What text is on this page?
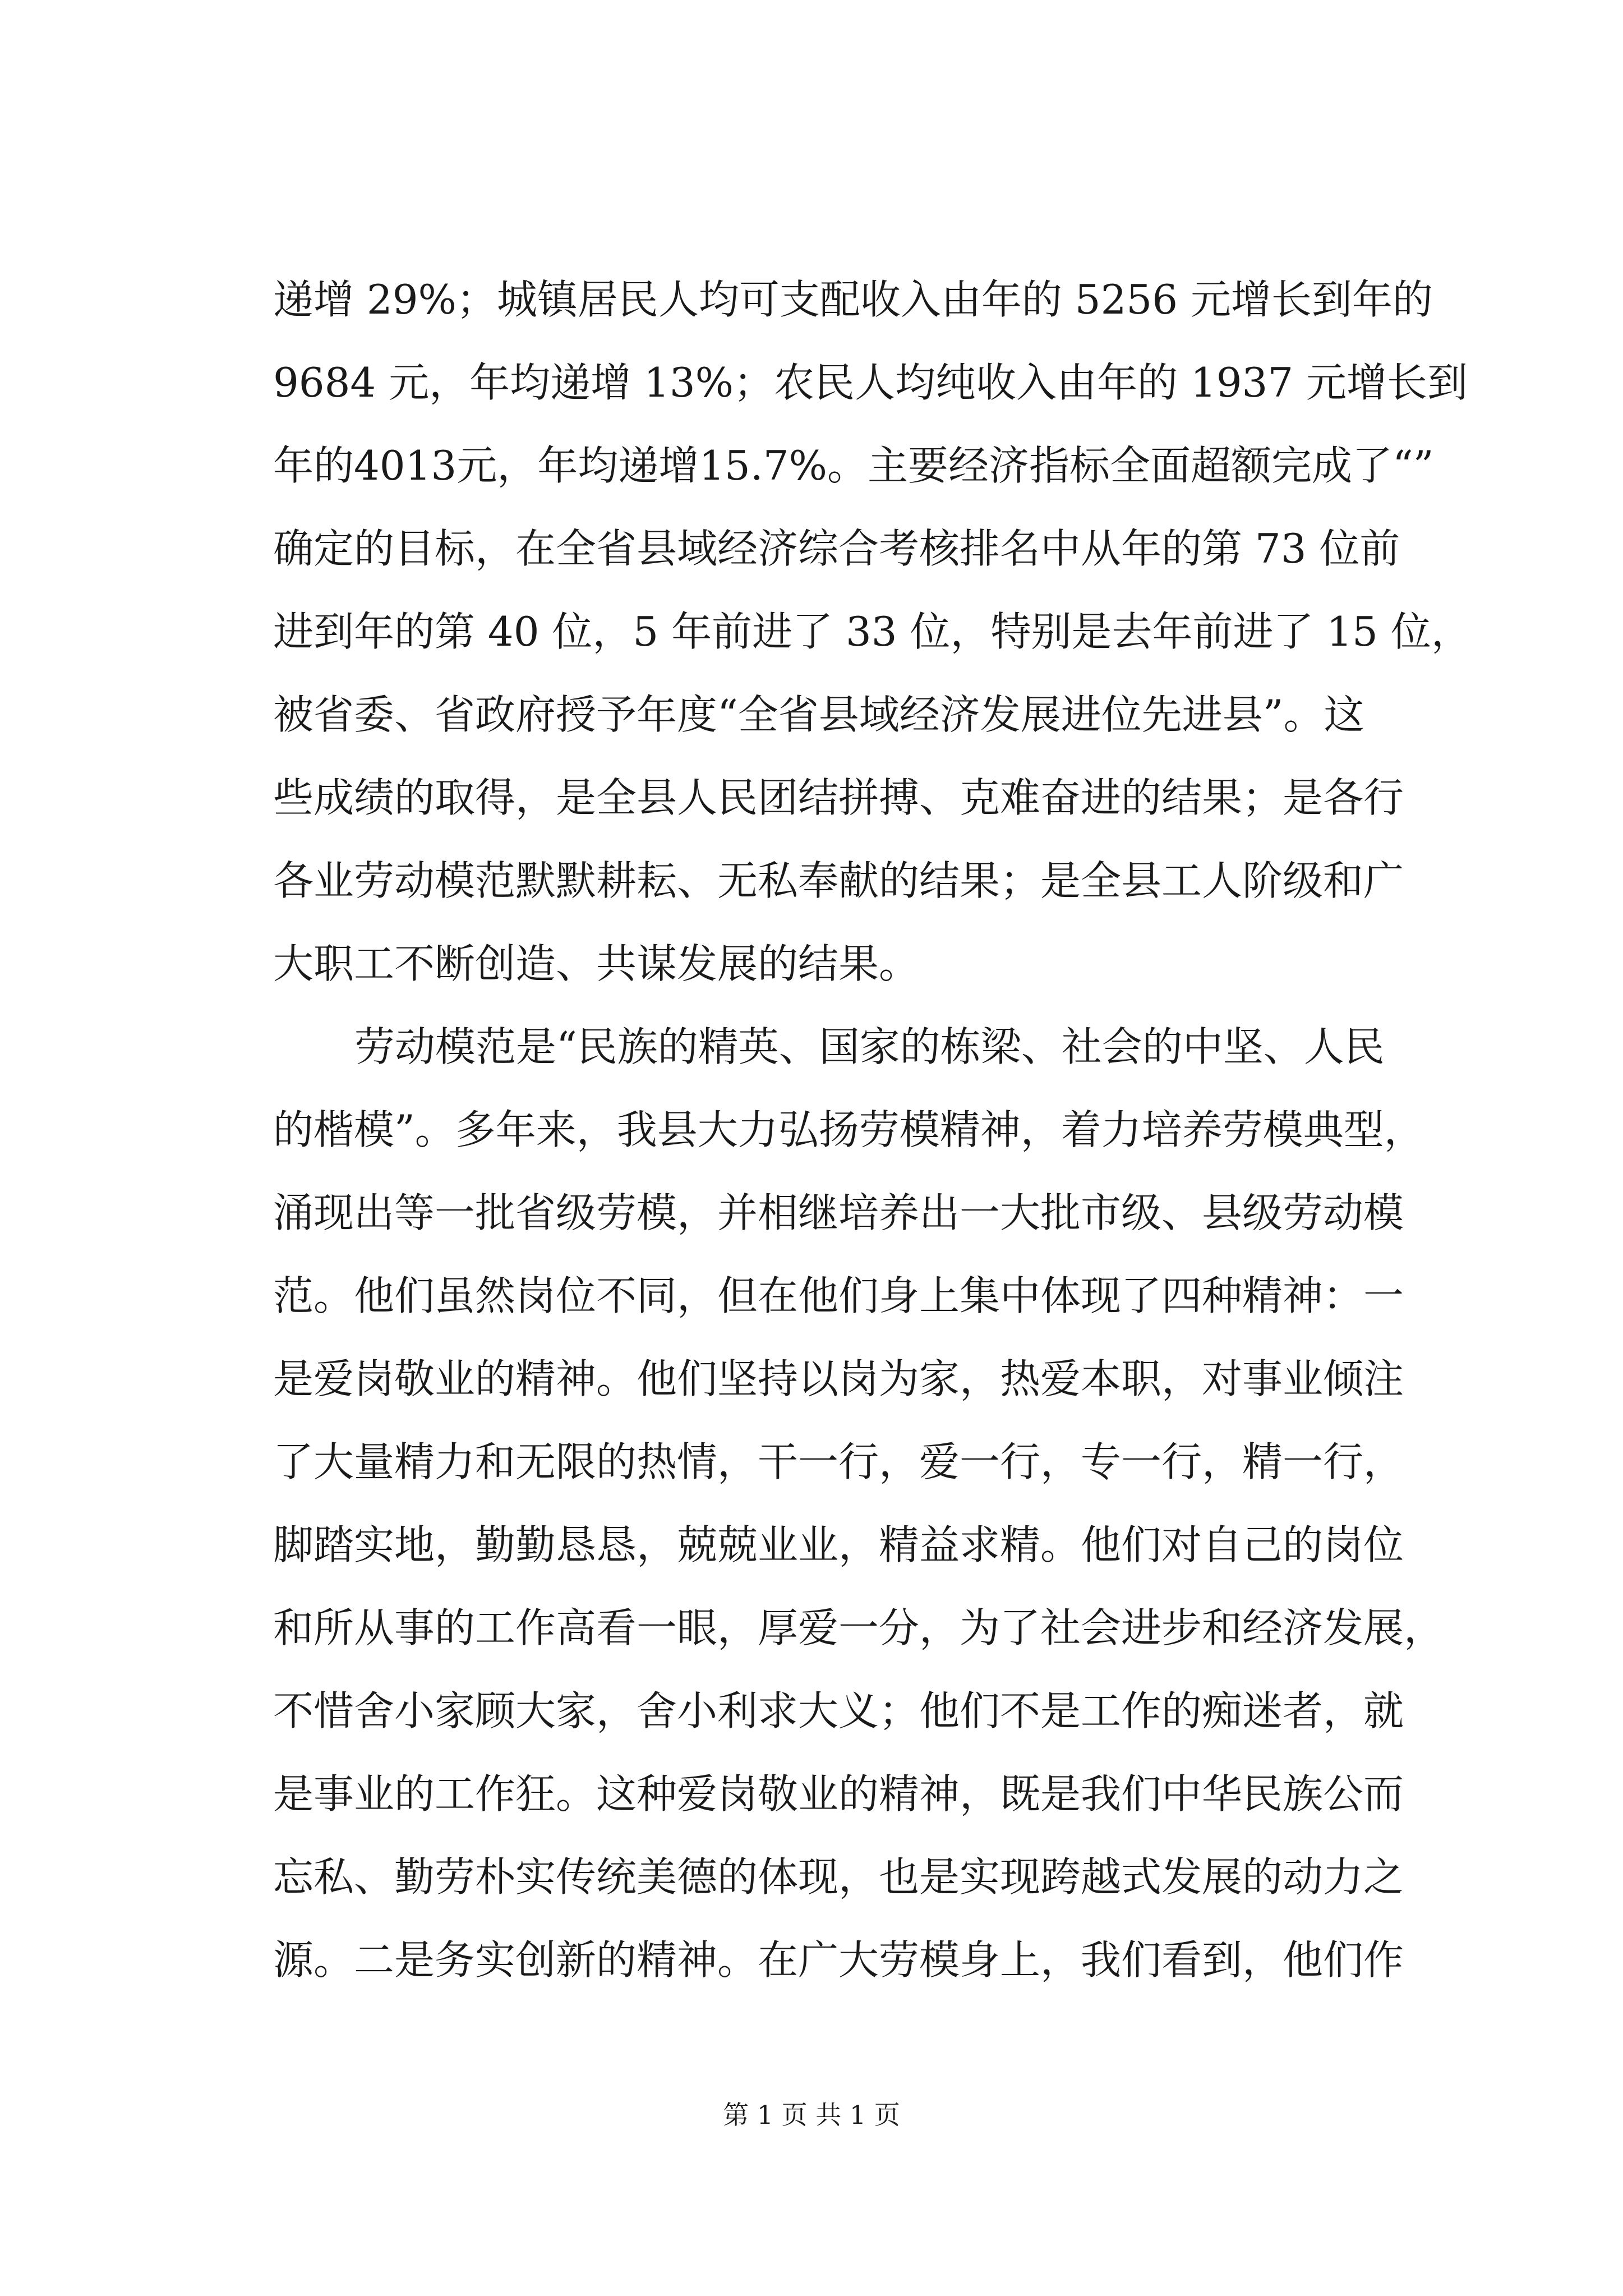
递增 29%；城镇居民人均可支配收入由年的 5256 元增长到年的
9684 元，年均递增 13%；农民人均纯收入由年的 1937 元增长到
年的4013元，年均递增15.7%。主要经济指标全面超额完成了“”
确定的目标，在全省县域经济综合考核排名中从年的第 73 位前
进到年的第 40 位，5 年前进了 33 位，特别是去年前进了 15 位，
被省委、省政府授予年度“全省县域经济发展进位先进县”。这
些成绩的取得，是全县人民团结拼搏、克难奋进的结果；是各行
各业劳动模范默默耕耘、无私奉献的结果；是全县工人阶级和广
大职工不断创造、共谋发展的结果。
劳动模范是“民族的精英、国家的栋梁、社会的中坚、人民
的楷模”。多年来，我县大力弘扬劳模精神，着力培养劳模典型，
涌现出等一批省级劳模，并相继培养出一大批市级、县级劳动模
范。他们虽然岗位不同，但在他们身上集中体现了四种精神：一
是爱岗敬业的精神。他们坚持以岗为家，热爱本职，对事业倾注
了大量精力和无限的热情，干一行，爱一行，专一行，精一行，
脚踏实地，勤勤恳恳，兢兢业业，精益求精。他们对自己的岗位
和所从事的工作高看一眼，厚爱一分，为了社会进步和经济发展，
不惜舍小家顾大家，舍小利求大义；他们不是工作的痴迷者，就
是事业的工作狂。这种爱岗敬业的精神，既是我们中华民族公而
忘私、勤劳朴实传统美德的体现，也是实现跨越式发展的动力之
源。二是务实创新的精神。在广大劳模身上，我们看到，他们作
第 1 页 共 1 页
